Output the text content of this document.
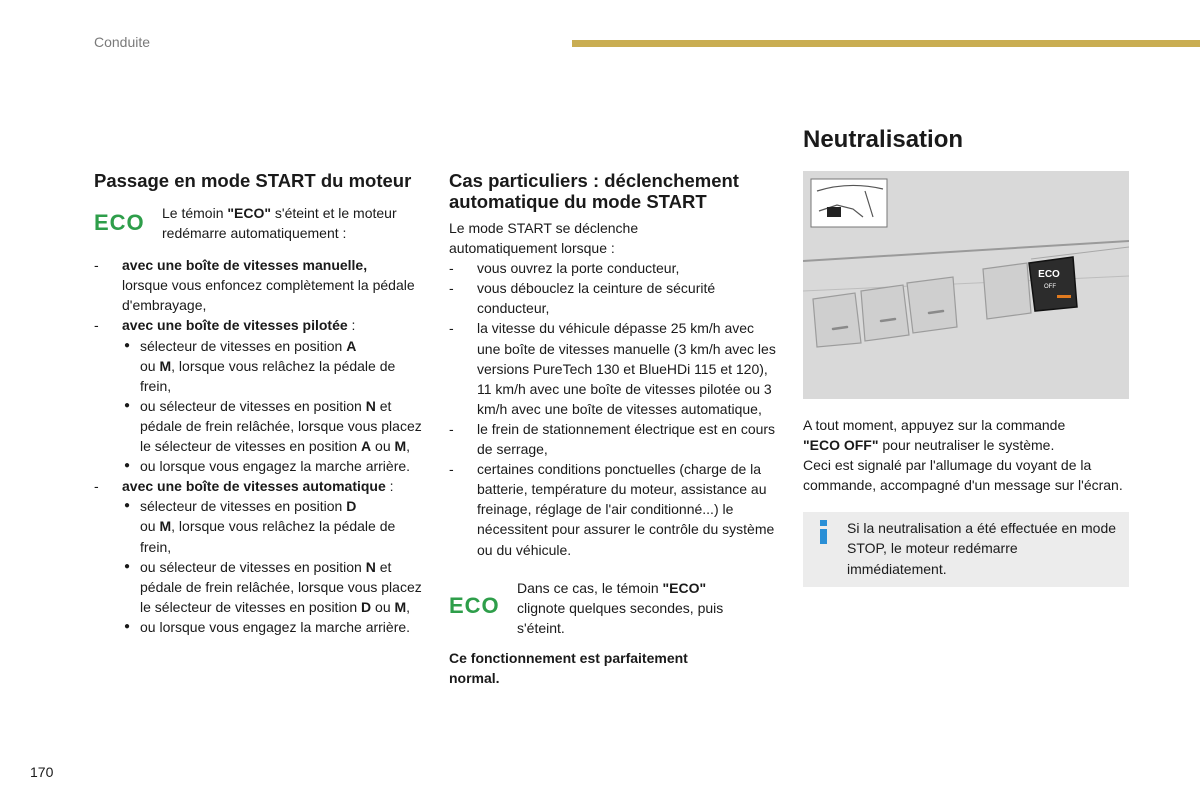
Conduite
Passage en mode START du moteur
ECO	Le témoin "ECO" s'éteint et le moteur redémarre automatiquement :
- avec une boîte de vitesses manuelle,
lorsque vous enfoncez complètement la pédale d'embrayage,
- avec une boîte de vitesses pilotée :
● sélecteur de vitesses en position A
ou M, lorsque vous relâchez la pédale de frein,
● ou sélecteur de vitesses en position N et pédale de frein relâchée, lorsque vous placez le sélecteur de vitesses en position A ou M,
● ou lorsque vous engagez la marche arrière.
- avec une boîte de vitesses automatique :
● sélecteur de vitesses en position D
ou M, lorsque vous relâchez la pédale de frein,
● ou sélecteur de vitesses en position N et pédale de frein relâchée, lorsque vous placez le sélecteur de vitesses en position D ou M,
● ou lorsque vous engagez la marche arrière.
Cas particuliers : déclenchement automatique du mode START
Le mode START se déclenche automatiquement lorsque :
- vous ouvrez la porte conducteur,
- vous débouclez la ceinture de sécurité conducteur,
- la vitesse du véhicule dépasse 25 km/h avec une boîte de vitesses manuelle (3 km/h avec les versions PureTech 130 et BlueHDi 115 et 120), 11 km/h avec une boîte de vitesses pilotée ou 3 km/h avec une boîte de vitesses automatique,
- le frein de stationnement électrique est en cours de serrage,
- certaines conditions ponctuelles (charge de la batterie, température du moteur, assistance au freinage, réglage de l'air conditionné...) le nécessitent pour assurer le contrôle du système ou du véhicule.
ECO
Dans ce cas, le témoin "ECO" clignote quelques secondes, puis s'éteint.
Ce fonctionnement est parfaitement normal.
Neutralisation
ECO
OFF
A tout moment, appuyez sur la commande "ECO OFF" pour neutraliser le système.
Ceci est signalé par l'allumage du voyant de la commande, accompagné d'un message sur l'écran.
Si la neutralisation a été effectuée en mode STOP, le moteur redémarre immédiatement.
170
